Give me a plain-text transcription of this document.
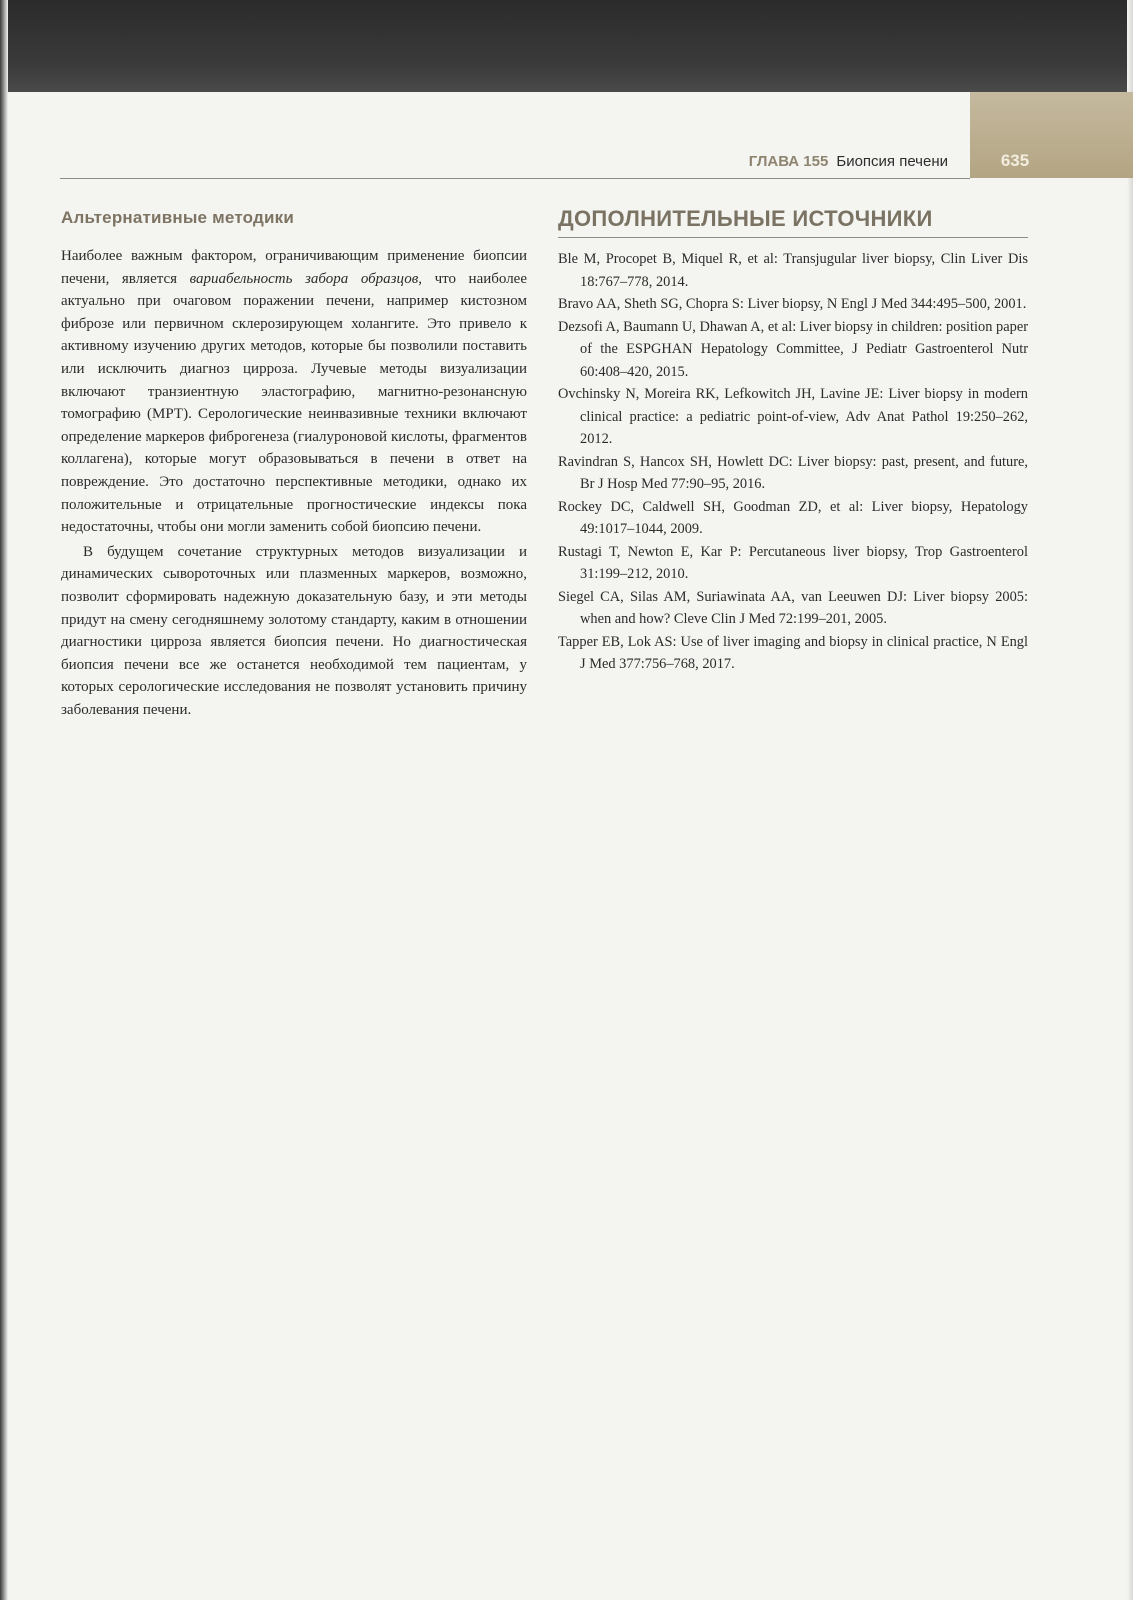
635
ГЛАВА 155 Биопсия печени
Альтернативные методики

Наиболее важным фактором, ограничивающим применение биопсии печени, является вариабельность забора образцов, что наиболее актуально при очаговом поражении печени, например кистозном фиброзе или первичном склерозирующем холангите. Это привело к активному изучению других методов, которые бы позволили поставить или исключить диагноз цирроза. Лучевые методы визуализации включают транзиентную эластографию, магнитно-резонансную томографию (МРТ). Серологические неинвазивные техники включают определение маркеров фиброгенеза (гиалуроновой кислоты, фрагментов коллагена), которые могут образовываться в печени в ответ на повреждение. Это достаточно перспективные методики, однако их положительные и отрицательные прогностические индексы пока недостаточны, чтобы они могли заменить собой биопсию печени.

В будущем сочетание структурных методов визуализации и динамических сывороточных или плазменных маркеров, возможно, позволит сформировать надежную доказательную базу, и эти методы придут на смену сегодняшнему золотому стандарту, каким в отношении диагностики цирроза является биопсия печени. Но диагностическая биопсия печени все же останется необходимой тем пациентам, у которых серологические исследования не позволят установить причину заболевания печени.

ДОПОЛНИТЕЛЬНЫЕ ИСТОЧНИКИ
Ble M, Procopet B, Miquel R, et al: Transjugular liver biopsy, Clin Liver Dis 18:767–778, 2014.
Bravo AA, Sheth SG, Chopra S: Liver biopsy, N Engl J Med 344:495–500, 2001.
Dezsofi A, Baumann U, Dhawan A, et al: Liver biopsy in children: position paper of the ESPGHAN Hepatology Committee, J Pediatr Gastroenterol Nutr 60:408–420, 2015.
Ovchinsky N, Moreira RK, Lefkowitch JH, Lavine JE: Liver biopsy in modern clinical practice: a pediatric point-of-view, Adv Anat Pathol 19:250–262, 2012.
Ravindran S, Hancox SH, Howlett DC: Liver biopsy: past, present, and future, Br J Hosp Med 77:90–95, 2016.
Rockey DC, Caldwell SH, Goodman ZD, et al: Liver biopsy, Hepatology 49:1017–1044, 2009.
Rustagi T, Newton E, Kar P: Percutaneous liver biopsy, Trop Gastroenterol 31:199–212, 2010.
Siegel CA, Silas AM, Suriawinata AA, van Leeuwen DJ: Liver biopsy 2005: when and how? Cleve Clin J Med 72:199–201, 2005.
Tapper EB, Lok AS: Use of liver imaging and biopsy in clinical practice, N Engl J Med 377:756–768, 2017.
